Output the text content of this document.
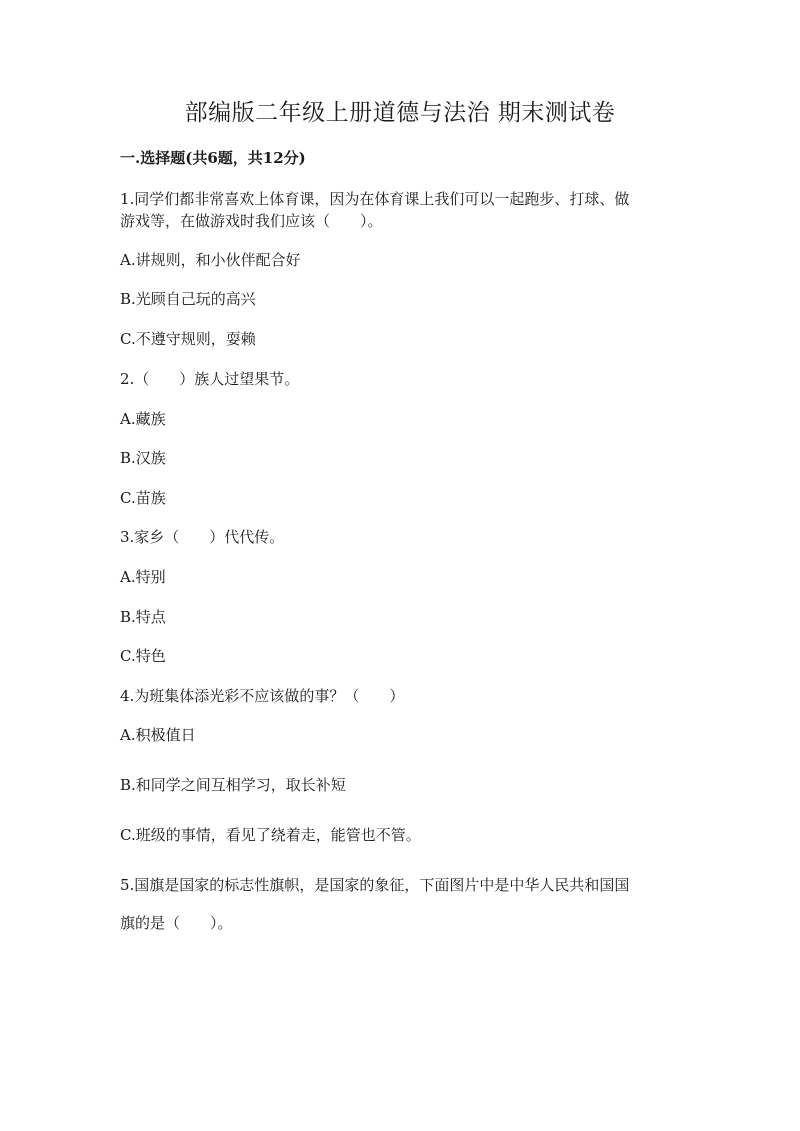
部编版二年级上册道德与法治 期末测试卷
一.选择题(共6题，共12分)
1.同学们都非常喜欢上体育课，因为在体育课上我们可以一起跑步、打球、做
游戏等，在做游戏时我们应该（　　）。
A.讲规则，和小伙伴配合好
B.光顾自己玩的高兴
C.不遵守规则，耍赖
2.（　　）族人过望果节。
A.藏族
B.汉族
C.苗族
3.家乡（　　）代代传。
A.特别
B.特点
C.特色
4.为班集体添光彩不应该做的事？（　　）
A.积极值日
B.和同学之间互相学习，取长补短
C.班级的事情，看见了绕着走，能管也不管。
5.国旗是国家的标志性旗帜，是国家的象征，下面图片中是中华人民共和国国
旗的是（　　）。
